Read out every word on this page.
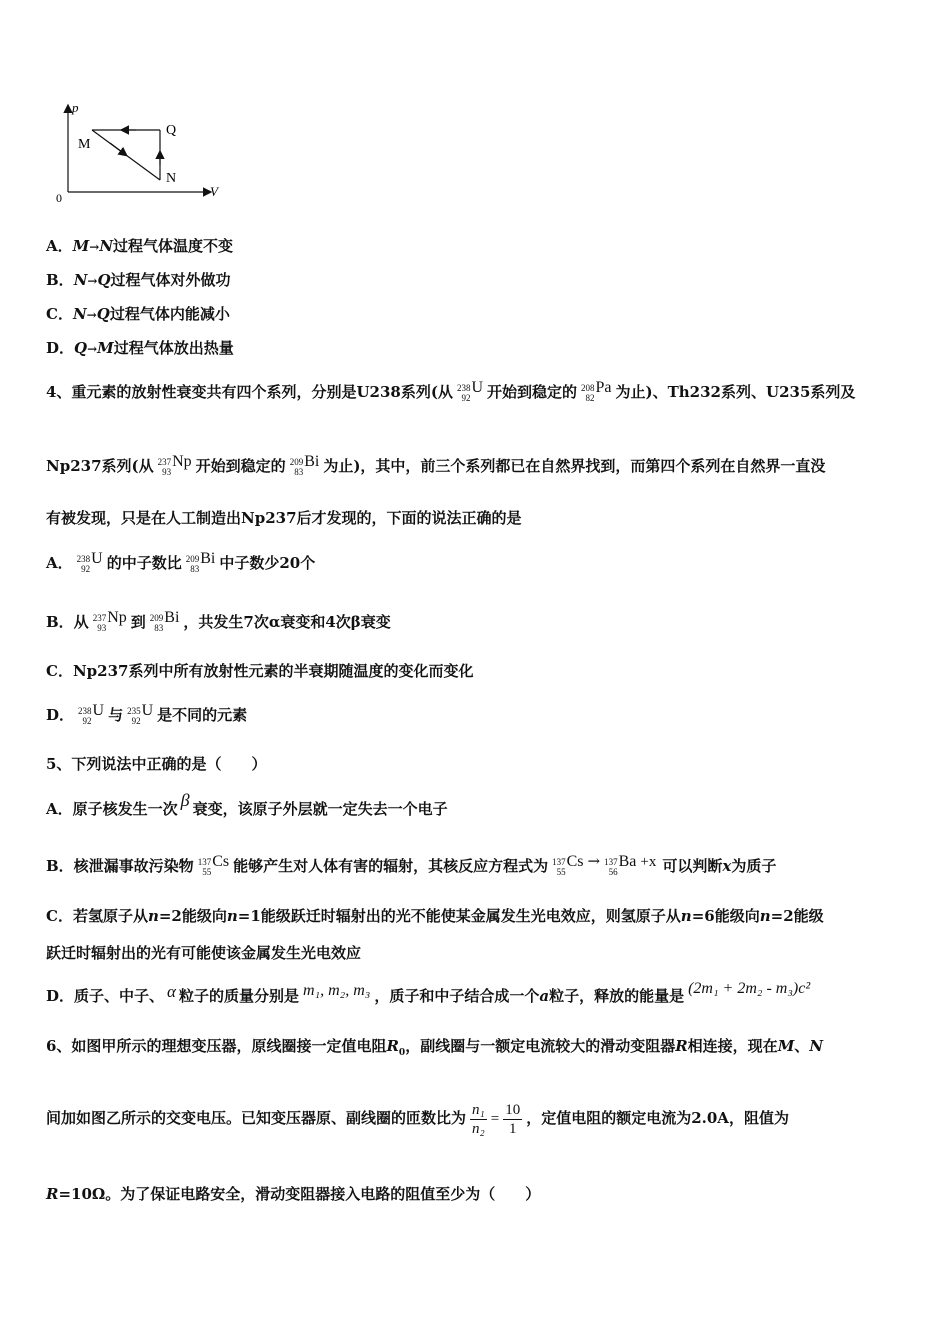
p
V
0
M
Q
N
A．M→N过程气体温度不变
B．N→Q过程气体对外做功
C．N→Q过程气体内能减小
D．Q→M过程气体放出热量
4、重元素的放射性衰变共有四个系列，分别是U238系列(从 238
92
U 开始到稳定的 208
82
Pa 为止)、Th232系列、U235系列及
Np237系列(从 237
93
Np 开始到稳定的 209
83
Bi 为止)，其中，前三个系列都已在自然界找到，而第四个系列在自然界一直没
有被发现，只是在人工制造出Np237后才发现的，下面的说法正确的是
A． 238
92
U 的中子数比 209
83
Bi 中子数少20个
B．从 237
93
Np 到 209
83
Bi ，共发生7次α衰变和4次β衰变
C．Np237系列中所有放射性元素的半衰期随温度的变化而变化
D． 238
92
U 与 235
92
U 是不同的元素
5、下列说法中正确的是（　　）
A．原子核发生一次 β 衰变，该原子外层就一定失去一个电子
B．核泄漏事故污染物 137
55
Cs 能够产生对人体有害的辐射，其核反应方程式为 137
55
Cs → 137
56
Ba +x 可以判断x为质子
C．若氢原子从n=2能级向n=1能级跃迁时辐射出的光不能使某金属发生光电效应，则氢原子从n=6能级向n=2能级
跃迁时辐射出的光有可能使该金属发生光电效应
D．质子、中子、 α 粒子的质量分别是 m₁, m₂, m₃ ，质子和中子结合成一个a粒子，释放的能量是 (2m₁ + 2m₂ - m₃)c²
6、如图甲所示的理想变压器，原线圈接一定值电阻$R_0$，副线圈与一额定电流较大的滑动变阻器R相连接，现在M、N
间加如图乙所示的交变电压。已知变压器原、副线圈的匝数比为 $\frac{\text{n₁}}{\text{n₂}} = \frac{10}{1}$ ，定值电阻的额定电流为2.0A，阻值为
R=10Ω。为了保证电路安全，滑动变阻器接入电路的阻值至少为（　　）
